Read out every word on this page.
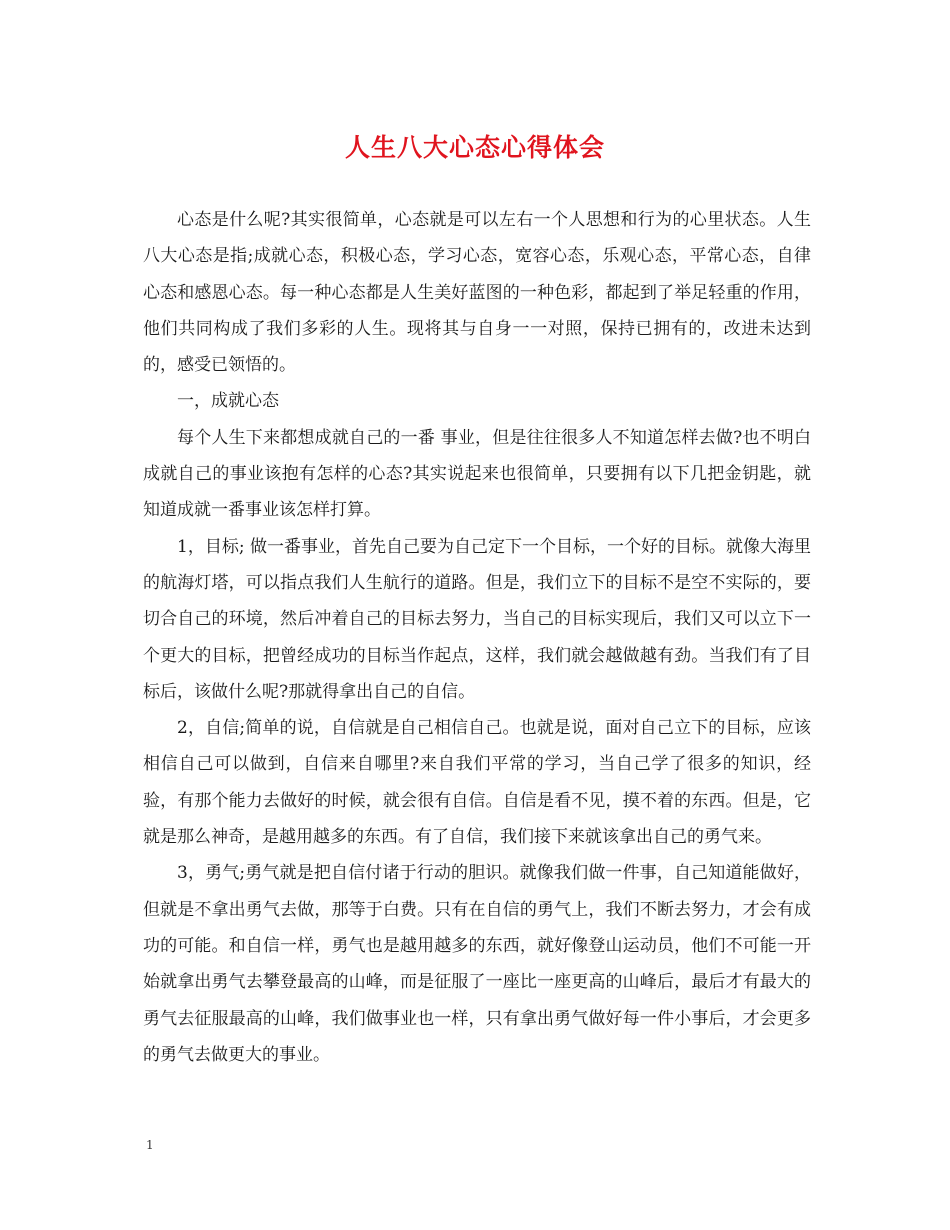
人生八大心态心得体会

心态是什么呢?其实很简单，心态就是可以左右一个人思想和行为的心里状态。人生八大心态是指;成就心态，积极心态，学习心态，宽容心态，乐观心态，平常心态，自律心态和感恩心态。每一种心态都是人生美好蓝图的一种色彩，都起到了举足轻重的作用，他们共同构成了我们多彩的人生。现将其与自身一一对照，保持已拥有的，改进未达到的，感受已领悟的。

一，成就心态

每个人生下来都想成就自己的一番 事业，但是往往很多人不知道怎样去做?也不明白成就自己的事业该抱有怎样的心态?其实说起来也很简单，只要拥有以下几把金钥匙，就知道成就一番事业该怎样打算。

1，目标; 做一番事业，首先自己要为自己定下一个目标，一个好的目标。就像大海里的航海灯塔，可以指点我们人生航行的道路。但是，我们立下的目标不是空不实际的，要切合自己的环境，然后冲着自己的目标去努力，当自己的目标实现后，我们又可以立下一个更大的目标，把曾经成功的目标当作起点，这样，我们就会越做越有劲。当我们有了目标后，该做什么呢?那就得拿出自己的自信。

2，自信;简单的说，自信就是自己相信自己。也就是说，面对自己立下的目标，应该相信自己可以做到，自信来自哪里?来自我们平常的学习，当自己学了很多的知识，经验，有那个能力去做好的时候，就会很有自信。自信是看不见，摸不着的东西。但是，它就是那么神奇，是越用越多的东西。有了自信，我们接下来就该拿出自己的勇气来。

3，勇气;勇气就是把自信付诸于行动的胆识。就像我们做一件事，自己知道能做好，但就是不拿出勇气去做，那等于白费。只有在自信的勇气上，我们不断去努力，才会有成功的可能。和自信一样，勇气也是越用越多的东西，就好像登山运动员，他们不可能一开始就拿出勇气去攀登最高的山峰，而是征服了一座比一座更高的山峰后，最后才有最大的勇气去征服最高的山峰，我们做事业也一样，只有拿出勇气做好每一件小事后，才会更多的勇气去做更大的事业。

1
